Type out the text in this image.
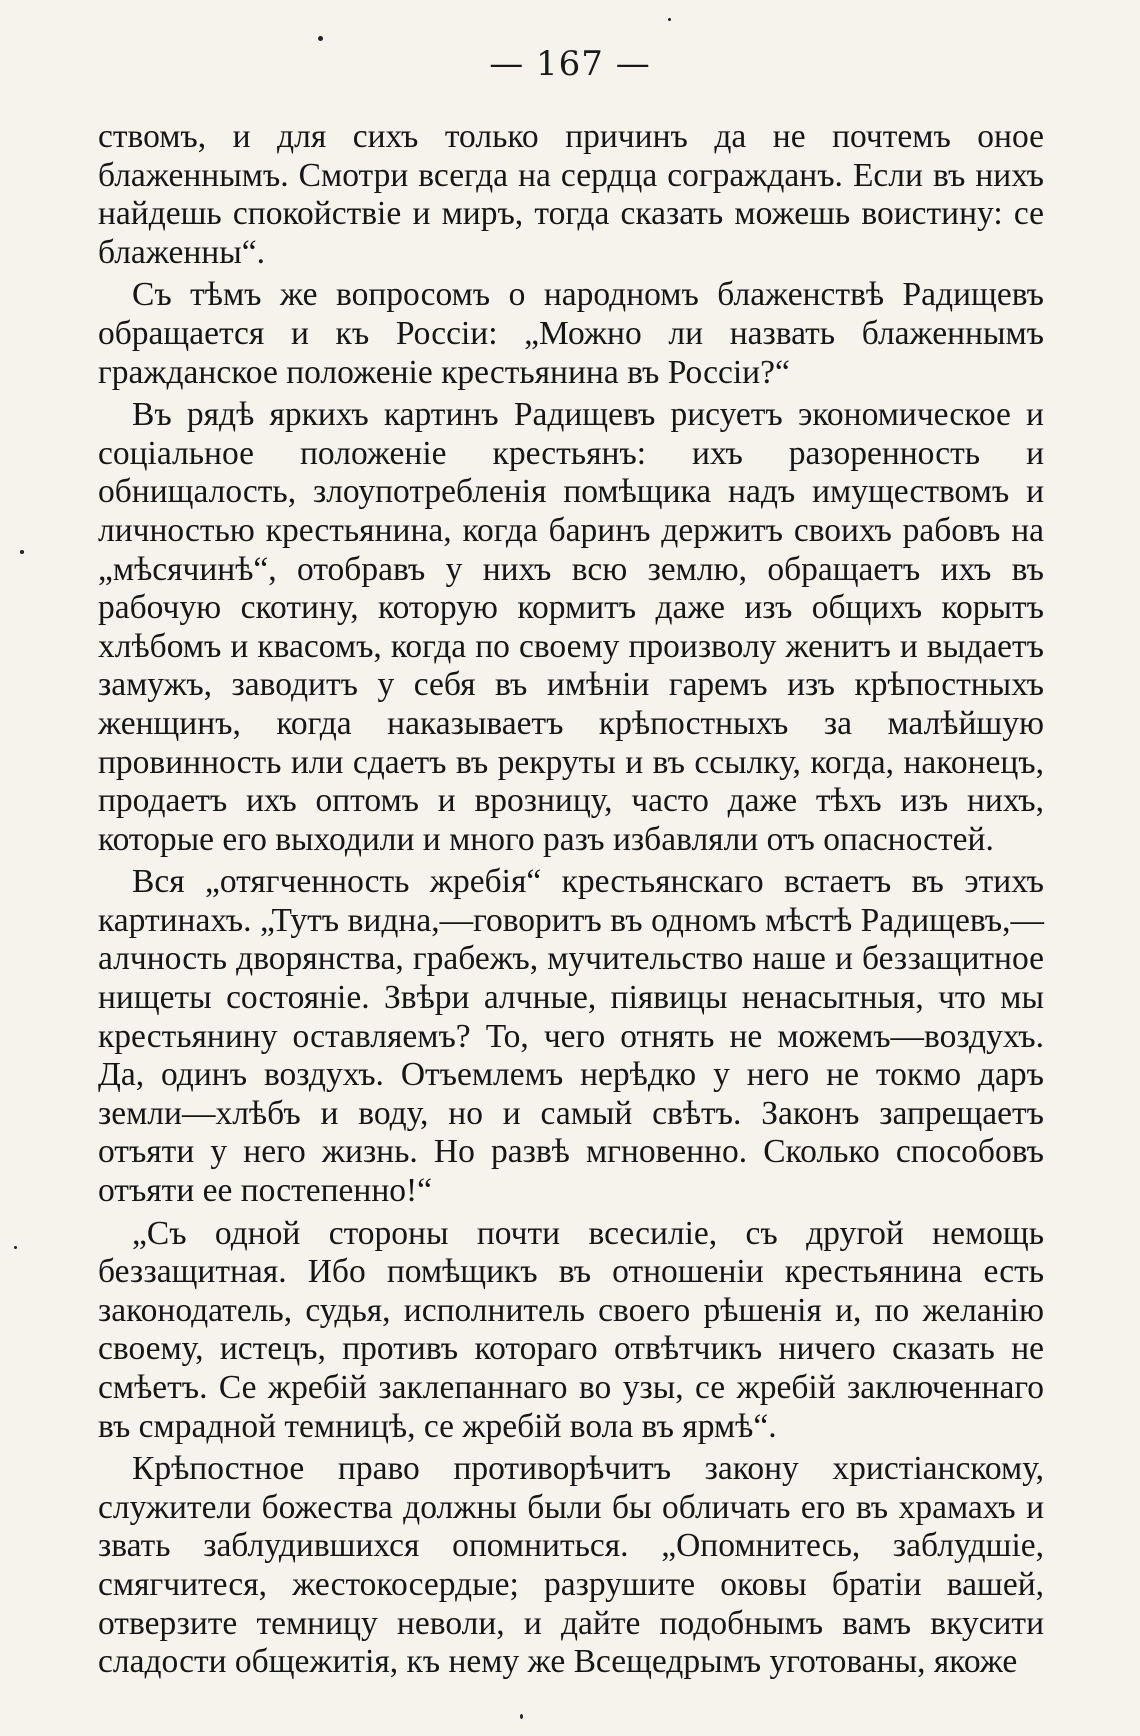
— 167 —

ствомъ, и для сихъ только причинъ да не почтемъ оное блаженнымъ. Смотри всегда на сердца согражданъ. Если въ нихъ найдешь спокойствіе и миръ, тогда сказать можешь воистину: се блаженны“.

Съ тѣмъ же вопросомъ о народномъ блаженствѣ Радищевъ обращается и къ Россіи: „Можно ли назвать блаженнымъ гражданское положеніе крестьянина въ Россіи?“

Въ рядѣ яркихъ картинъ Радищевъ рисуетъ экономическое и соціальное положеніе крестьянъ: ихъ разоренность и обнищалость, злоупотребленія помѣщика надъ имуществомъ и личностью крестьянина, когда баринъ держитъ своихъ рабовъ на „мѣсячинѣ“, отобравъ у нихъ всю землю, обращаетъ ихъ въ рабочую скотину, которую кормитъ даже изъ общихъ корытъ хлѣбомъ и квасомъ, когда по своему произволу женитъ и выдаетъ замужъ, заводитъ у себя въ имѣніи гаремъ изъ крѣпостныхъ женщинъ, когда наказываетъ крѣпостныхъ за малѣйшую провинность или сдаетъ въ рекруты и въ ссылку, когда, наконецъ, продаетъ ихъ оптомъ и врозницу, часто даже тѣхъ изъ нихъ, которые его выходили и много разъ избавляли отъ опасностей.

Вся „отягченность жребія“ крестьянскаго встаетъ въ этихъ картинахъ. „Тутъ видна,—говоритъ въ одномъ мѣстѣ Радищевъ,—алчность дворянства, грабежъ, мучительство наше и беззащитное нищеты состояніе. Звѣри алчные, піявицы ненасытныя, что мы крестьянину оставляемъ? То, чего отнять не можемъ—воздухъ. Да, одинъ воздухъ. Отъемлемъ нерѣдко у него не токмо даръ земли—хлѣбъ и воду, но и самый свѣтъ. Законъ запрещаетъ отъяти у него жизнь. Но развѣ мгновенно. Сколько способовъ отъяти ее постепенно!“

„Съ одной стороны почти всесиліе, съ другой немощь беззащитная. Ибо помѣщикъ въ отношеніи крестьянина есть законодатель, судья, исполнитель своего рѣшенія и, по желанію своему, истецъ, противъ котораго отвѣтчикъ ничего сказать не смѣетъ. Се жребій заклепаннаго во узы, се жребій заключеннаго въ смрадной темницѣ, се жребій вола въ ярмѣ“.

Крѣпостное право противорѣчитъ закону христіанскому, служители божества должны были бы обличать его въ храмахъ и звать заблудившихся опомниться. „Опомнитесь, заблудшіе, смягчитеся, жестокосердые; разрушите оковы братіи вашей, отверзите темницу неволи, и дайте подобнымъ вамъ вкусити сладости общежитія, къ нему же Всещедрымъ уготованы, якоже
